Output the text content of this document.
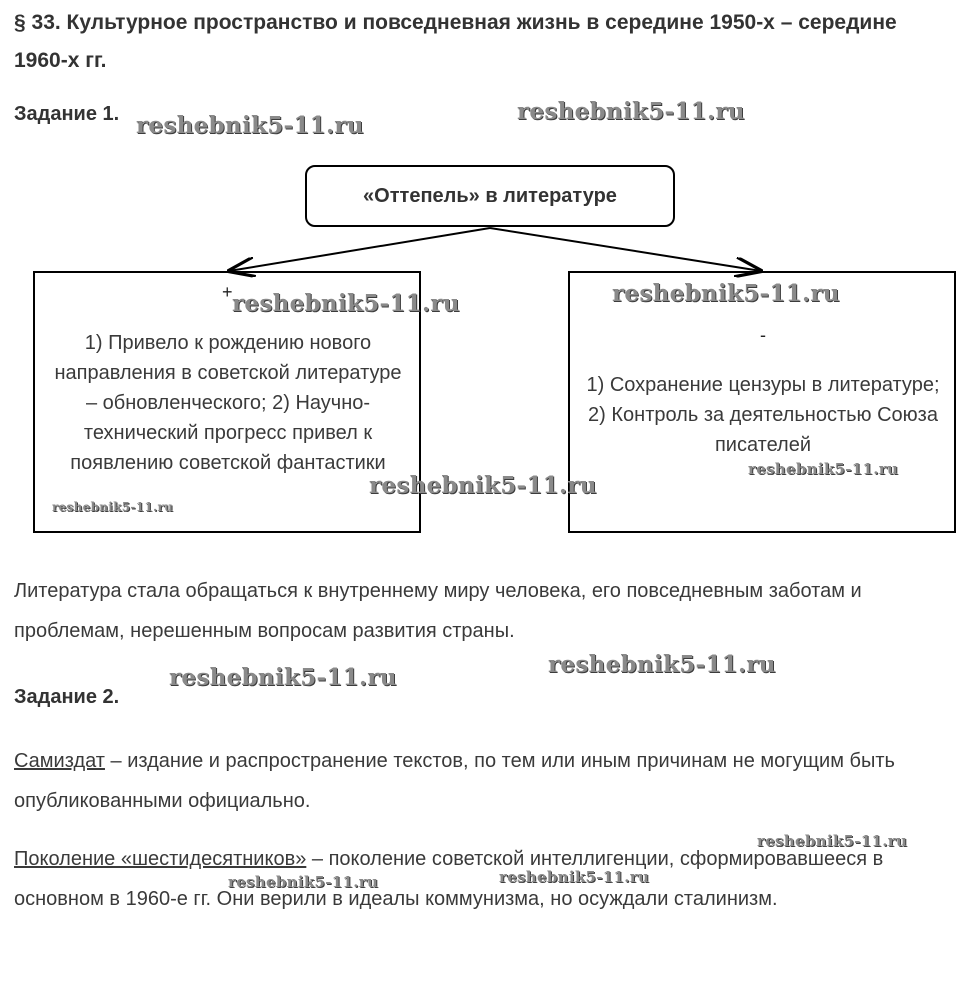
§ 33. Культурное пространство и повседневная жизнь в середине 1950-х – середине 1960-х гг.
Задание 1.
«Оттепель» в литературе
+
1) Привело к рождению нового направления в советской литературе – обновленческого; 2) Научно-технический прогресс привел к появлению советской фантастики
-
1) Сохранение цензуры в литературе; 2) Контроль за деятельностью Союза писателей
Литература стала обращаться к внутреннему миру человека, его повседневным заботам и проблемам, нерешенным вопросам развития страны.
Задание 2.
Самиздат – издание и распространение текстов, по тем или иным причинам не могущим быть опубликованными официально.
Поколение «шестидесятников» – поколение советской интеллигенции, сформировавшееся в основном в 1960-е гг. Они верили в идеалы коммунизма, но осуждали сталинизм.
reshebnik5-11.ru
reshebnik5-11.ru
reshebnik5-11.ru	reshebnik5-11.ru
reshebnik5-11.ru
reshebnik5-11.ru
reshebnik5-11.ru
reshebnik5-11.ru	reshebnik5-11.ru
reshebnik5-11.ru
reshebnik5-11.ru	reshebnik5-11.ru
